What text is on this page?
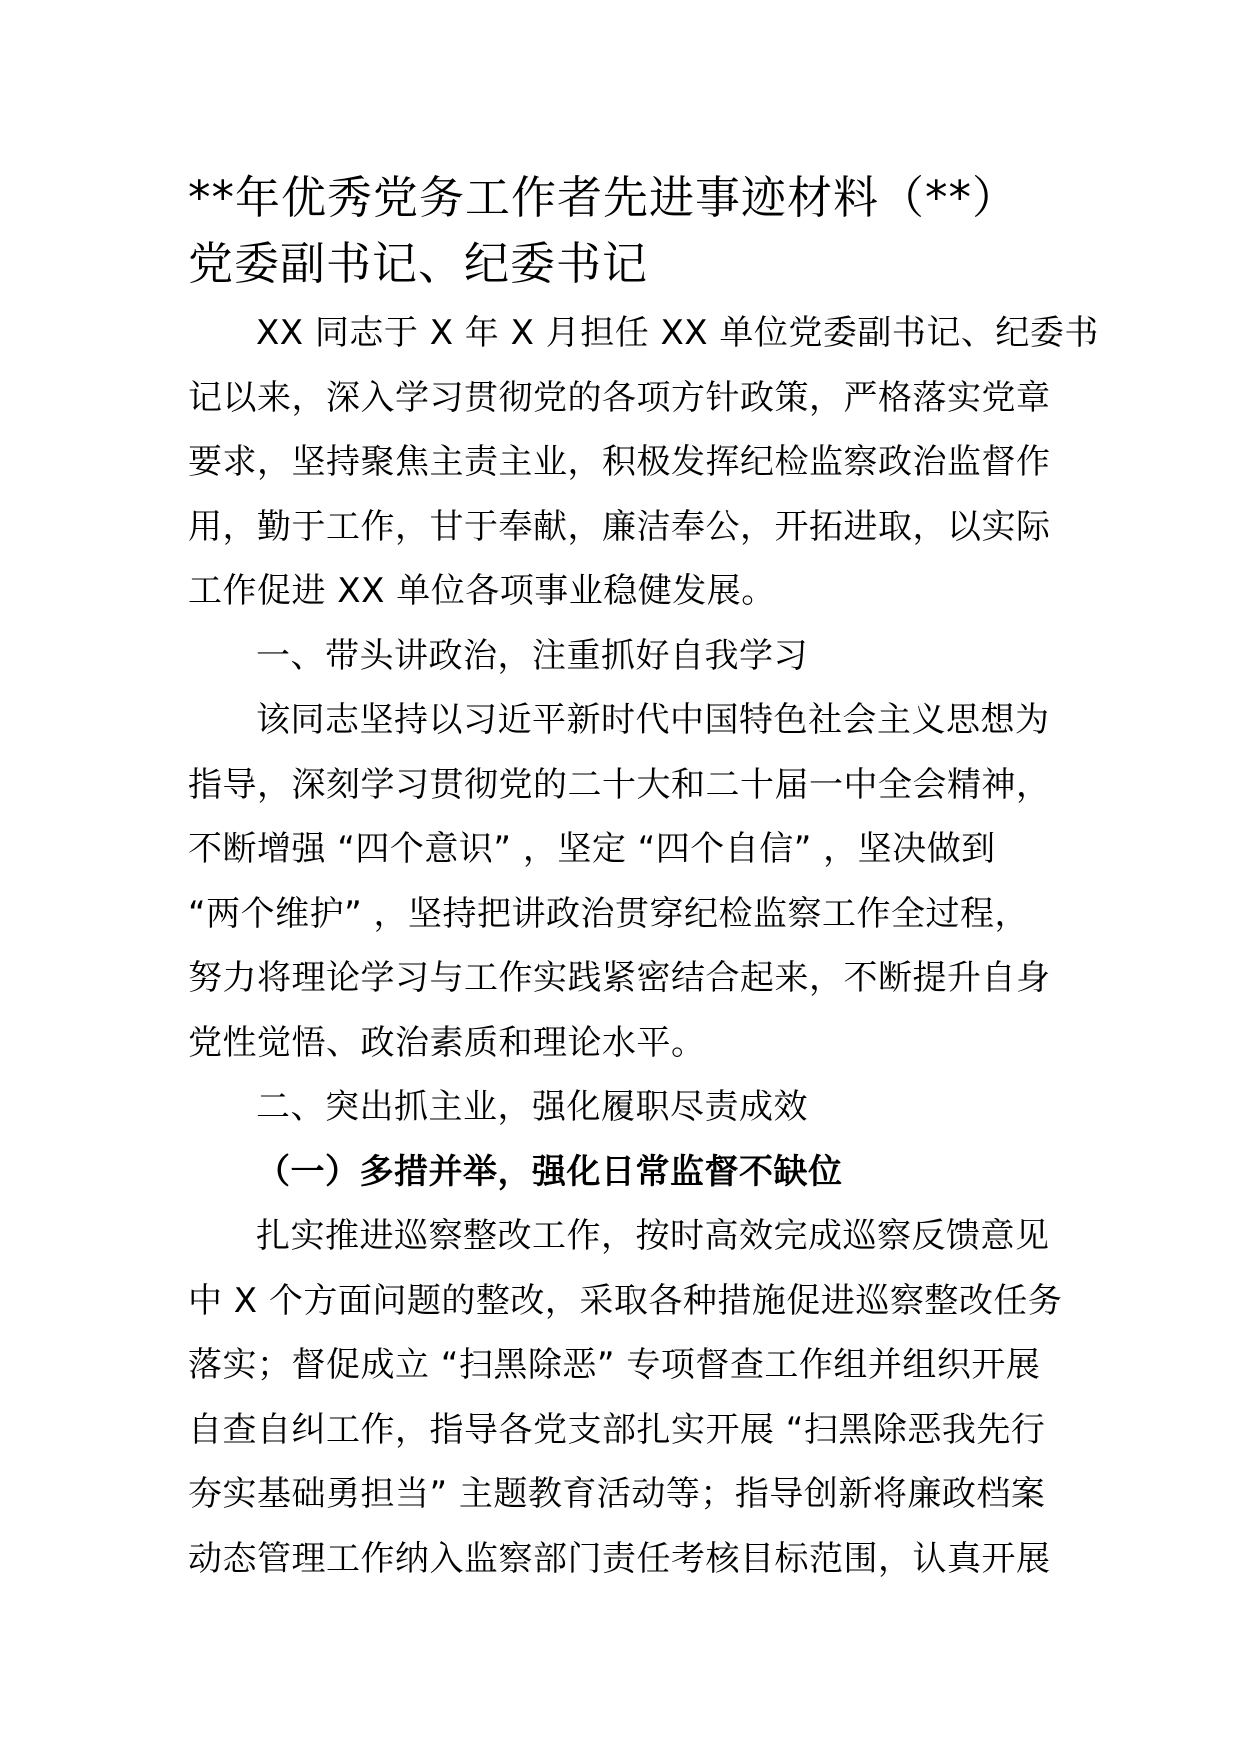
**年优秀党务工作者先进事迹材料（**）
党委副书记、纪委书记
XX 同志于 X 年 X 月担任 XX 单位党委副书记、纪委书
记以来，深入学习贯彻党的各项方针政策，严格落实党章
要求，坚持聚焦主责主业，积极发挥纪检监察政治监督作
用，勤于工作，甘于奉献，廉洁奉公，开拓进取，以实际
工作促进 XX 单位各项事业稳健发展。
一、带头讲政治，注重抓好自我学习
该同志坚持以习近平新时代中国特色社会主义思想为
指导，深刻学习贯彻党的二十大和二十届一中全会精神，
不断增强 “四个意识” ，坚定 “四个自信” ，坚决做到
“两个维护” ，坚持把讲政治贯穿纪检监察工作全过程，
努力将理论学习与工作实践紧密结合起来，不断提升自身
党性觉悟、政治素质和理论水平。
二、突出抓主业，强化履职尽责成效
（一）多措并举，强化日常监督不缺位
扎实推进巡察整改工作，按时高效完成巡察反馈意见
中 X 个方面问题的整改，采取各种措施促进巡察整改任务
落实；督促成立 “扫黑除恶” 专项督查工作组并组织开展
自查自纠工作，指导各党支部扎实开展 “扫黑除恶我先行
夯实基础勇担当” 主题教育活动等；指导创新将廉政档案
动态管理工作纳入监察部门责任考核目标范围，认真开展
